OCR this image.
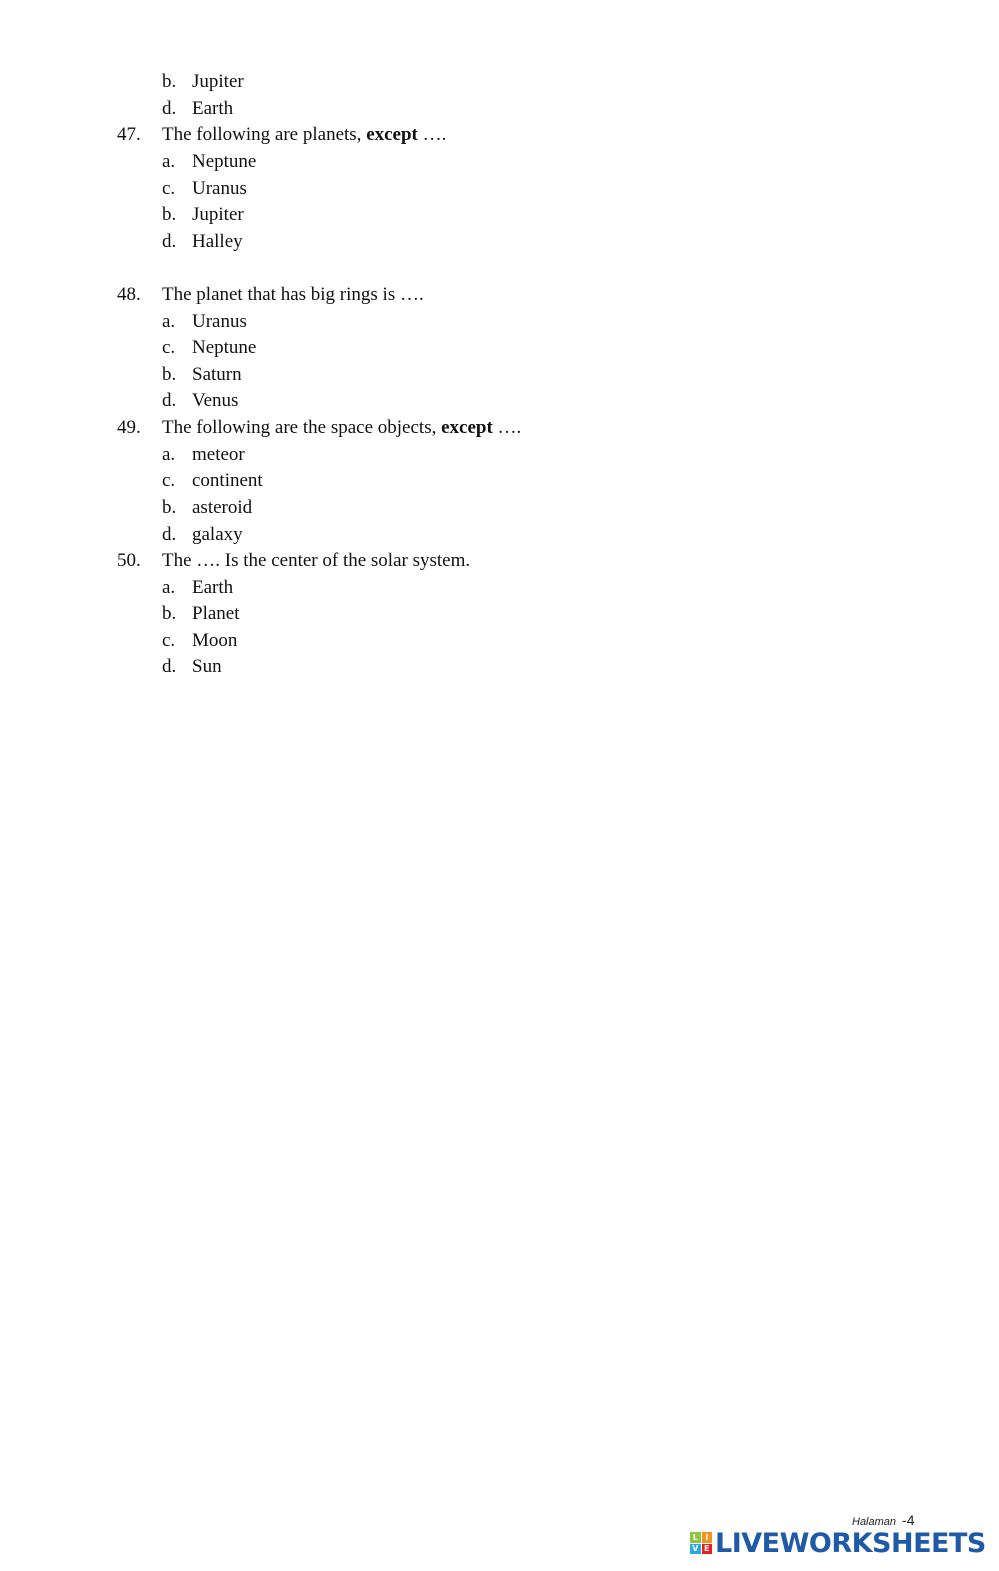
b. Jupiter
d. Earth
47. The following are planets, except ….
a. Neptune
c. Uranus
b. Jupiter
d. Halley
48. The planet that has big rings is ….
a. Uranus
c. Neptune
b. Saturn
d. Venus
49. The following are the space objects, except ….
a. meteor
c. continent
b. asteroid
d. galaxy
50. The …. Is the center of the solar system.
a. Earth
b. Planet
c. Moon
d. Sun
Halaman -4
L I
V E LIVEWORKSHEETS
